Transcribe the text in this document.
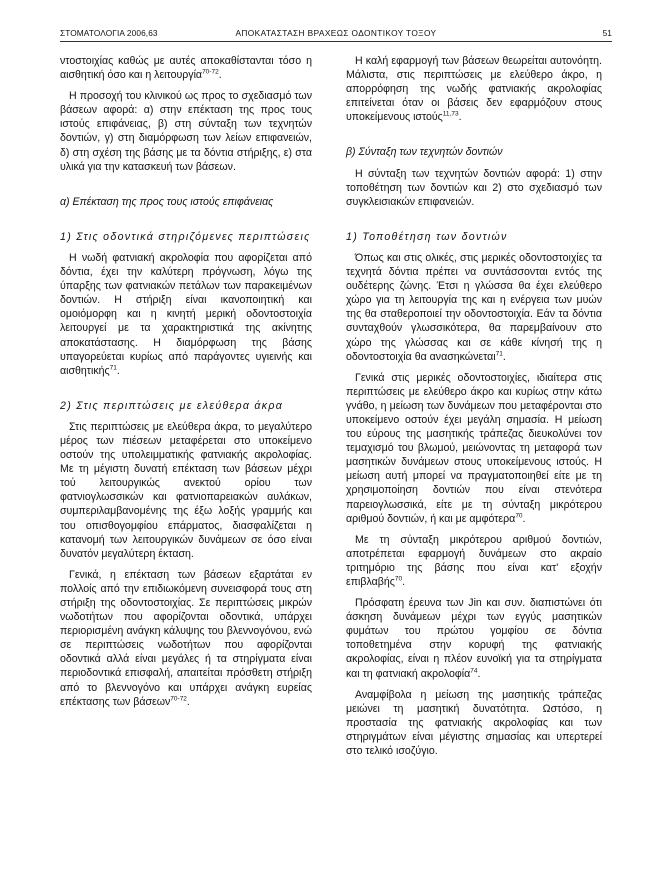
ΣΤΟΜΑΤΟΛΟΓΙΑ 2006,63	ΑΠΟΚΑΤΑΣΤΑΣΗ ΒΡΑΧΕΩΣ ΟΔΟΝΤΙΚΟΥ ΤΟΞΟΥ	51

ντοστοιχίας καθώς με αυτές αποκαθίστανται τόσο η αισθητική όσο και η λειτουργία$^{70-72}$.

Η προσοχή του κλινικού ως προς το σχεδιασμό των βάσεων αφορά: α) στην επέκταση της προς τους ιστούς επιφάνειας, β) στη σύνταξη των τεχνητών δοντιών, γ) στη διαμόρφωση των λείων επιφανειών, δ) στη σχέση της βάσης με τα δόντια στήριξης, ε) στα υλικά για την κατασκευή των βάσεων.

α) Επέκταση της προς τους ιστούς επιφάνειας
1) Στις οδοντικά στηριζόμενες περιπτώσεις

Η νωδή φατνιακή ακρολοφία που αφορίζεται από δόντια, έχει την καλύτερη πρόγνωση, λόγω της ύπαρξης των φατνιακών πετάλων των παρακειμένων δοντιών. Η στήριξη είναι ικανοποιητική και ομοιόμορφη και η κινητή μερική οδοντοστοιχία λειτουργεί με τα χαρακτηριστικά της ακίνητης αποκατάστασης. Η διαμόρφωση της βάσης υπαγορεύεται κυρίως από παράγοντες υγιεινής και αισθητικής$^{71}$.

2) Στις περιπτώσεις με ελεύθερα άκρα

Στις περιπτώσεις με ελεύθερα άκρα, το μεγαλύτερο μέρος των πιέσεων μεταφέρεται στο υποκείμενο οστούν της υπολειμματικής φατνιακής ακρολοφίας. Με τη μέγιστη δυνατή επέκταση των βάσεων μέχρι τού λειτουργικώς ανεκτού ορίου των φατνιογλωσσικών και φατνιοπαρειακών αυλάκων, συμπεριλαμβανομένης της έξω λοξής γραμμής και του οπισθογομφίου επάρματος, διασφαλίζεται η κατανομή των λειτουργικών δυνάμεων σε όσο είναι δυνατόν μεγαλύτερη έκταση.

Γενικά, η επέκταση των βάσεων εξαρτάται εν πολλοίς από την επιδιωκόμενη συνεισφορά τους στη στήριξη της οδοντοστοιχίας. Σε περιπτώσεις μικρών νωδοτήτων που αφορίζονται οδοντικά, υπάρχει περιορισμένη ανάγκη κάλυψης του βλεννογόνου, ενώ σε περιπτώσεις νωδοτήτων που αφορίζονται οδοντικά αλλά είναι μεγάλες ή τα στηρίγματα είναι περιοδοντικά επισφαλή, απαιτείται πρόσθετη στήριξη από το βλεννογόνο και υπάρχει ανάγκη ευρείας επέκτασης των βάσεων$^{70-72}$.

Η καλή εφαρμογή των βάσεων θεωρείται αυτονόητη. Μάλιστα, στις περιπτώσεις με ελεύθερο άκρο, η απορρόφηση της νωδής φατνιακής ακρολοφίας επιτείνεται όταν οι βάσεις δεν εφαρμόζουν στους υποκείμενους ιστούς$^{11,73}$.

β) Σύνταξη των τεχνητών δοντιών

Η σύνταξη των τεχνητών δοντιών αφορά: 1) στην τοποθέτηση των δοντιών και 2) στο σχεδιασμό των συγκλεισιακών επιφανειών.

1) Τοποθέτηση των δοντιών

Όπως και στις ολικές, στις μερικές οδοντοστοιχίες τα τεχνητά δόντια πρέπει να συντάσσονται εντός της ουδέτερης ζώνης. Έτσι η γλώσσα θα έχει ελεύθερο χώρο για τη λειτουργία της και η ενέργεια των μυών της θα σταθεροποιεί την οδοντοστοιχία. Εάν τα δόντια συνταχθούν γλωσσικότερα, θα παρεμβαίνουν στο χώρο της γλώσσας και σε κάθε κίνησή της η οδοντοστοιχία θα ανασηκώνεται$^{71}$.

Γενικά στις μερικές οδοντοστοιχίες, ιδιαίτερα στις περιπτώσεις με ελεύθερο άκρο και κυρίως στην κάτω γνάθο, η μείωση των δυνάμεων που μεταφέρονται στο υποκείμενο οστούν έχει μεγάλη σημασία. Η μείωση του εύρους της μασητικής τράπεζας διευκολύνει τον τεμαχισμό του βλωμού, μειώνοντας τη μεταφορά των μασητικών δυνάμεων στους υποκείμενους ιστούς. Η μείωση αυτή μπορεί να πραγματοποιηθεί είτε με τη χρησιμοποίηση δοντιών που είναι στενότερα παρειογλωσσικά, είτε με τη σύνταξη μικρότερου αριθμού δοντιών, ή και με αμφότερα$^{70}$.

Με τη σύνταξη μικρότερου αριθμού δοντιών, αποτρέπεται εφαρμογή δυνάμεων στο ακραίο τριτημόριο της βάσης που είναι κατ' εξοχήν επιβλαβής$^{70}$.

Πρόσφατη έρευνα των Jin και συν. διαπιστώνει ότι άσκηση δυνάμεων μέχρι των εγγύς μασητικών φυμάτων του πρώτου γομφίου σε δόντια τοποθετημένα στην κορυφή της φατνιακής ακρολοφίας, είναι η πλέον ευνοϊκή για τα στηρίγματα και τη φατνιακή ακρολοφία$^{74}$.

Αναμφίβολα η μείωση της μασητικής τράπεζας μειώνει τη μασητική δυνατότητα. Ωστόσο, η προστασία της φατνιακής ακρολοφίας και των στηριγμάτων είναι μέγιστης σημασίας και υπερτερεί στο τελικό ισοζύγιο.
